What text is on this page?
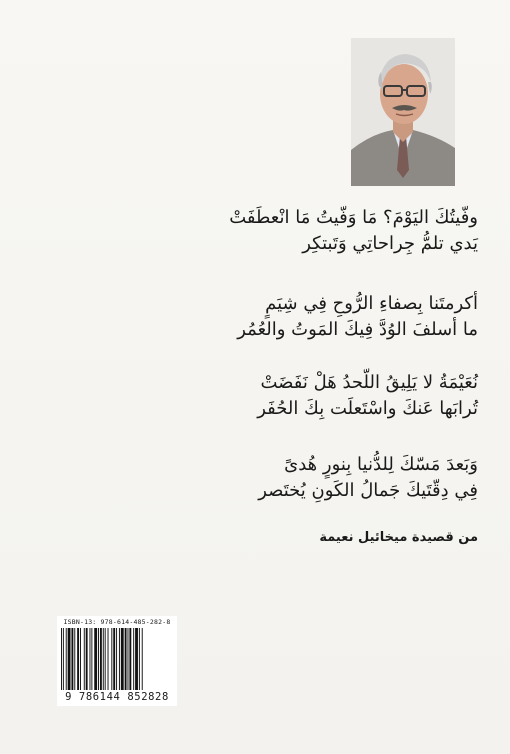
وفّيتُكَ اليَوْمَ؟ مَا وَفّيتُ مَا انْعطَفَتْ
يَدي تلمُّ جِراحاتِي وَتَبتكِر
أكرمتَنا بِصفاءِ الرُّوحِ فِي شِيَمٍ
ما أسلفَ الوُدَّ فِيكَ المَوتُ والعُمُر
نُعَيْمَةُ لا يَلِيقُ اللّحدُ هَلْ نَفَضَتْ
تُرابَها عَنكَ واسْتَعلَت بِكَ الحُفَر
وَبَعدَ مَسّكَ لِلدُّنيا بِنورٍ هُدىً
فِي دِقّتَيكَ جَمالُ الكَونِ يُختَصر
من قصيدة ميخائيل نعيمة
ISBN-13: 978-614-485-282-8
9 786144 852828
